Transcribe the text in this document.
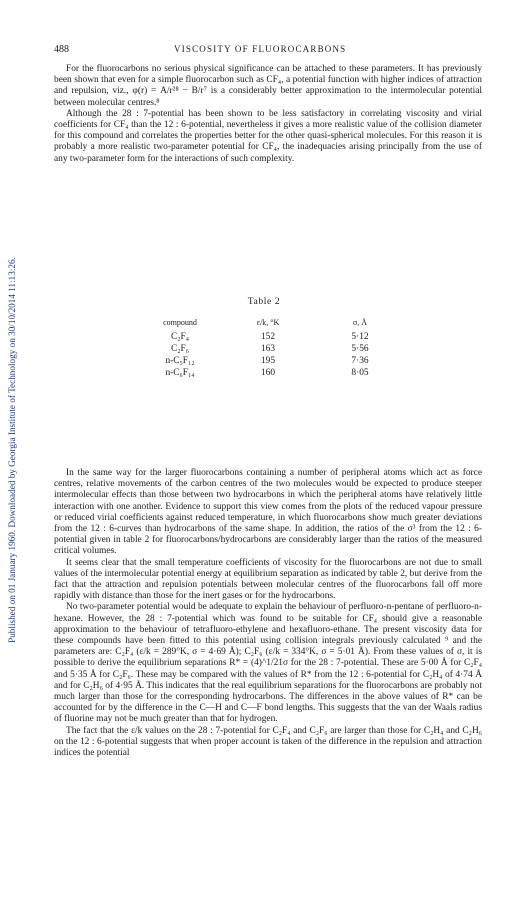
Published on 01 January 1960. Downloaded by Georgia Institute of Technology on 30/10/2014 11:13:26.
488	VISCOSITY OF FLUOROCARBONS

For the fluorocarbons no serious physical significance can be attached to these parameters. It has previously been shown that even for a simple fluorocarbon such as CF₄, a potential function with higher indices of attraction and repulsion, viz., φ(r) = A/r²⁸ − B/r⁷ is a considerably better approximation to the intermolecular potential between molecular centres.⁸

Although the 28 : 7-potential has been shown to be less satisfactory in correlating viscosity and virial coefficients for CF₄ than the 12 : 6-potential, nevertheless it gives a more realistic value of the collision diameter for this compound and correlates the properties better for the other quasi-spherical molecules. For this reason it is probably a more realistic two-parameter potential for CF₄, the inadequacies arising principally from the use of any two-parameter form for the interactions of such complexity.

Table 2
compound	ε/k, °K	σ, Å
C₂F₄	152	5·12
C₂F₆	163	5·56
n-C₅F₁₂	195	7·36
n-C₆F₁₄	160	8·05

In the same way for the larger fluorocarbons containing a number of peripheral atoms which act as force centres, relative movements of the carbon centres of the two molecules would be expected to produce steeper intermolecular effects than those between two hydrocarbons in which the peripheral atoms have relatively little interaction with one another. Evidence to support this view comes from the plots of the reduced vapour pressure or reduced virial coefficients against reduced temperature, in which fluorocarbons show much greater deviations from the 12 : 6-curves than hydrocarbons of the same shape. In addition, the ratios of the σ³ from the 12 : 6-potential given in table 2 for fluorocarbons/hydrocarbons are considerably larger than the ratios of the measured critical volumes.

It seems clear that the small temperature coefficients of viscosity for the fluorocarbons are not due to small values of the intermolecular potential energy at equilibrium separation as indicated by table 2, but derive from the fact that the attraction and repulsion potentials between molecular centres of the fluorocarbons fall off more rapidly with distance than those for the inert gases or for the hydrocarbons.

No two-parameter potential would be adequate to explain the behaviour of perfluoro-n-pentane of perfluoro-n-hexane. However, the 28 : 7-potential which was found to be suitable for CF₄ should give a reasonable approximation to the behaviour of tetrafluoro-ethylene and hexafluoro-ethane. The present viscosity data for these compounds have been fitted to this potential using collision integrals previously calculated ⁹ and the parameters are: C₂F₄ (ε/k = 289°K, σ = 4·69 Å); C₂F₆ (ε/k = 334°K, σ = 5·01 Å). From these values of σ, it is possible to derive the equilibrium separations R* = (4)^1/21σ for the 28 : 7-potential. These are 5·00 Å for C₂F₄ and 5·35 Å for C₂F₆. These may be compared with the values of R* from the 12 : 6-potential for C₂H₄ of 4·74 Å and for C₂H₆ of 4·95 Å. This indicates that the real equilibrium separations for the fluorocarbons are probably not much larger than those for the corresponding hydrocarbons. The differences in the above values of R* can be accounted for by the difference in the C—H and C—F bond lengths. This suggests that the van der Waals radius of fluorine may not be much greater than that for hydrogen.

The fact that the ε/k values on the 28 : 7-potential for C₂F₄ and C₂F₆ are larger than those for C₂H₄ and C₂H₆ on the 12 : 6-potential suggests that when proper account is taken of the difference in the repulsion and attraction indices the potential
